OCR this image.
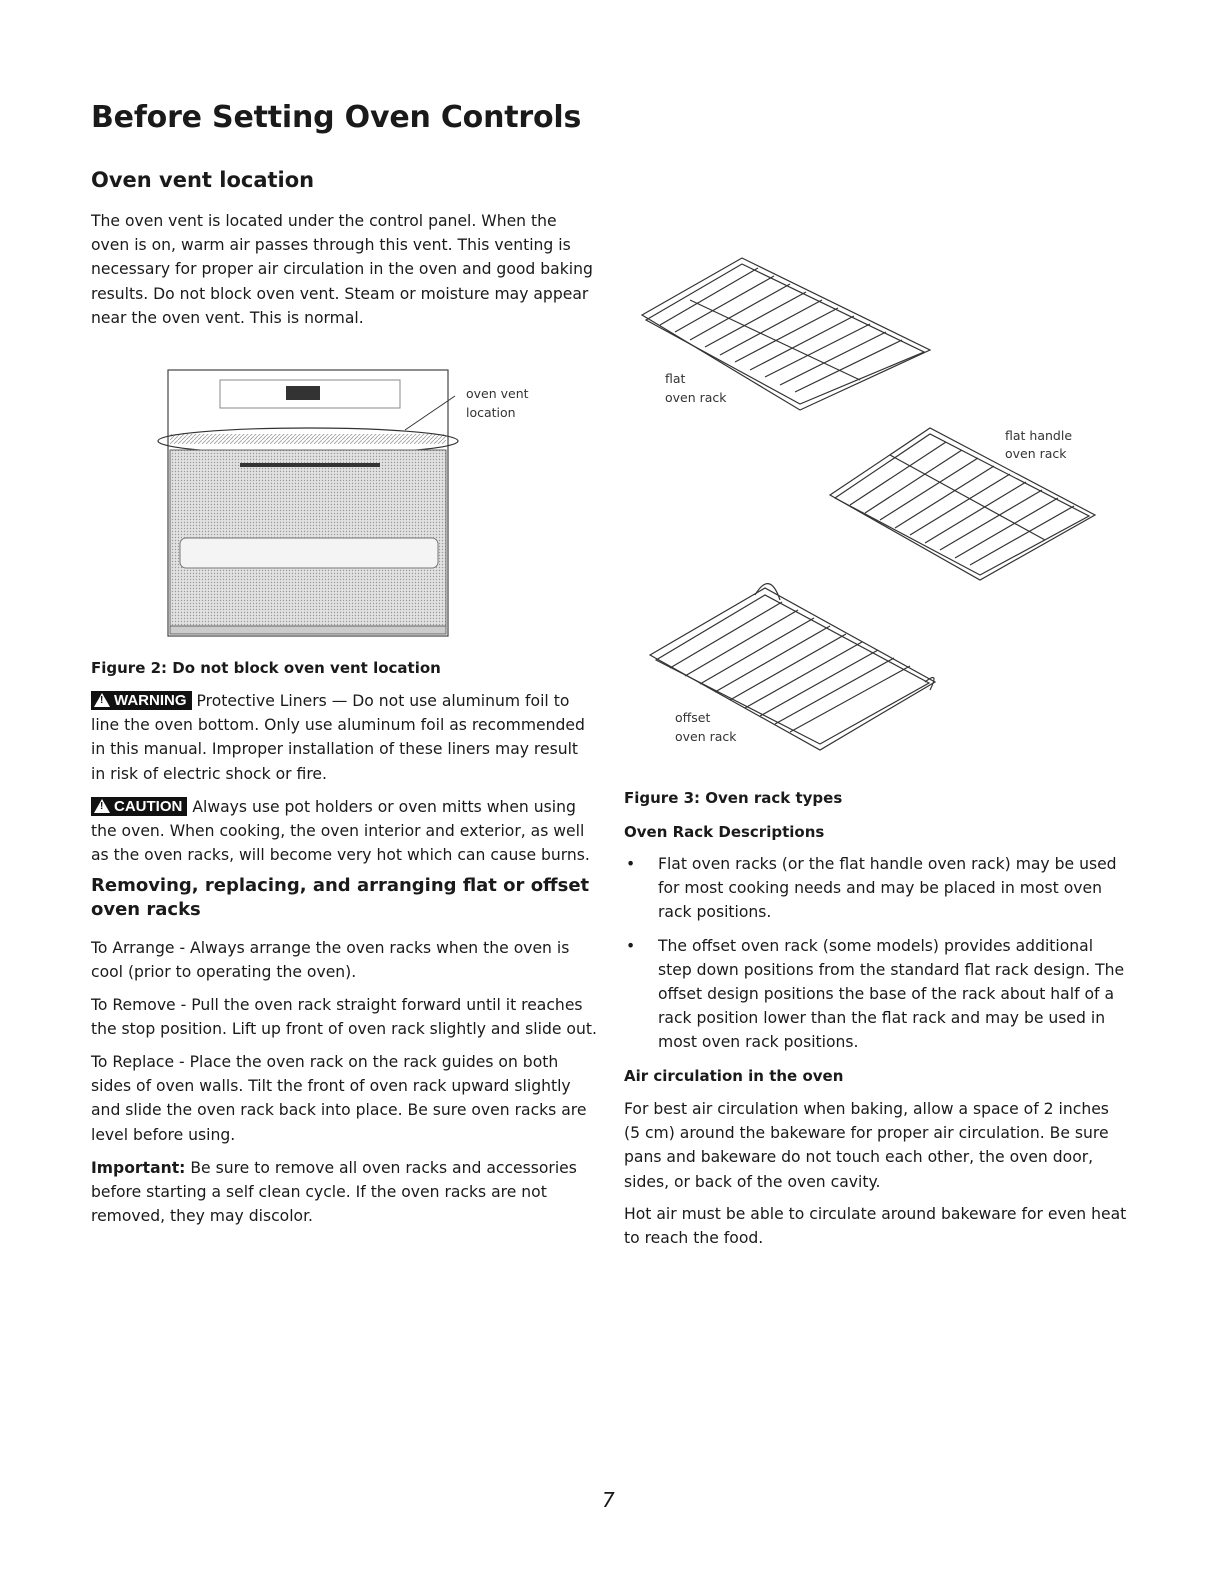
Before Setting Oven Controls
Oven vent location

The oven vent is located under the control panel. When the oven is on, warm air passes through this vent. This venting is necessary for proper air circulation in the oven and good baking results. Do not block oven vent. Steam or moisture may appear near the oven vent. This is normal.

oven vent
location

Figure 2: Do not block oven vent location

! WARNING Protective Liners — Do not use aluminum foil to line the oven bottom. Only use aluminum foil as recommended in this manual. Improper installation of these liners may result in risk of electric shock or fire.

! CAUTION Always use pot holders or oven mitts when using the oven. When cooking, the oven interior and exterior, as well as the oven racks, will become very hot which can cause burns.

Removing, replacing, and arranging flat or offset oven racks

To Arrange - Always arrange the oven racks when the oven is cool (prior to operating the oven).

To Remove - Pull the oven rack straight forward until it reaches the stop position. Lift up front of oven rack slightly and slide out.

To Replace - Place the oven rack on the rack guides on both sides of oven walls. Tilt the front of oven rack upward slightly and slide the oven rack back into place. Be sure oven racks are level before using.

Important: Be sure to remove all oven racks and accessories before starting a self clean cycle. If the oven racks are not removed, they may discolor.

flat
oven rack
flat handle
oven rack
offset
oven rack

Figure 3: Oven rack types

Oven Rack Descriptions

• Flat oven racks (or the flat handle oven rack) may be used for most cooking needs and may be placed in most oven rack positions.
• The offset oven rack (some models) provides additional step down positions from the standard flat rack design. The offset design positions the base of the rack about half of a rack position lower than the flat rack and may be used in most oven rack positions.

Air circulation in the oven

For best air circulation when baking, allow a space of 2 inches (5 cm) around the bakeware for proper air circulation. Be sure pans and bakeware do not touch each other, the oven door, sides, or back of the oven cavity.

Hot air must be able to circulate around bakeware for even heat to reach the food.

7
